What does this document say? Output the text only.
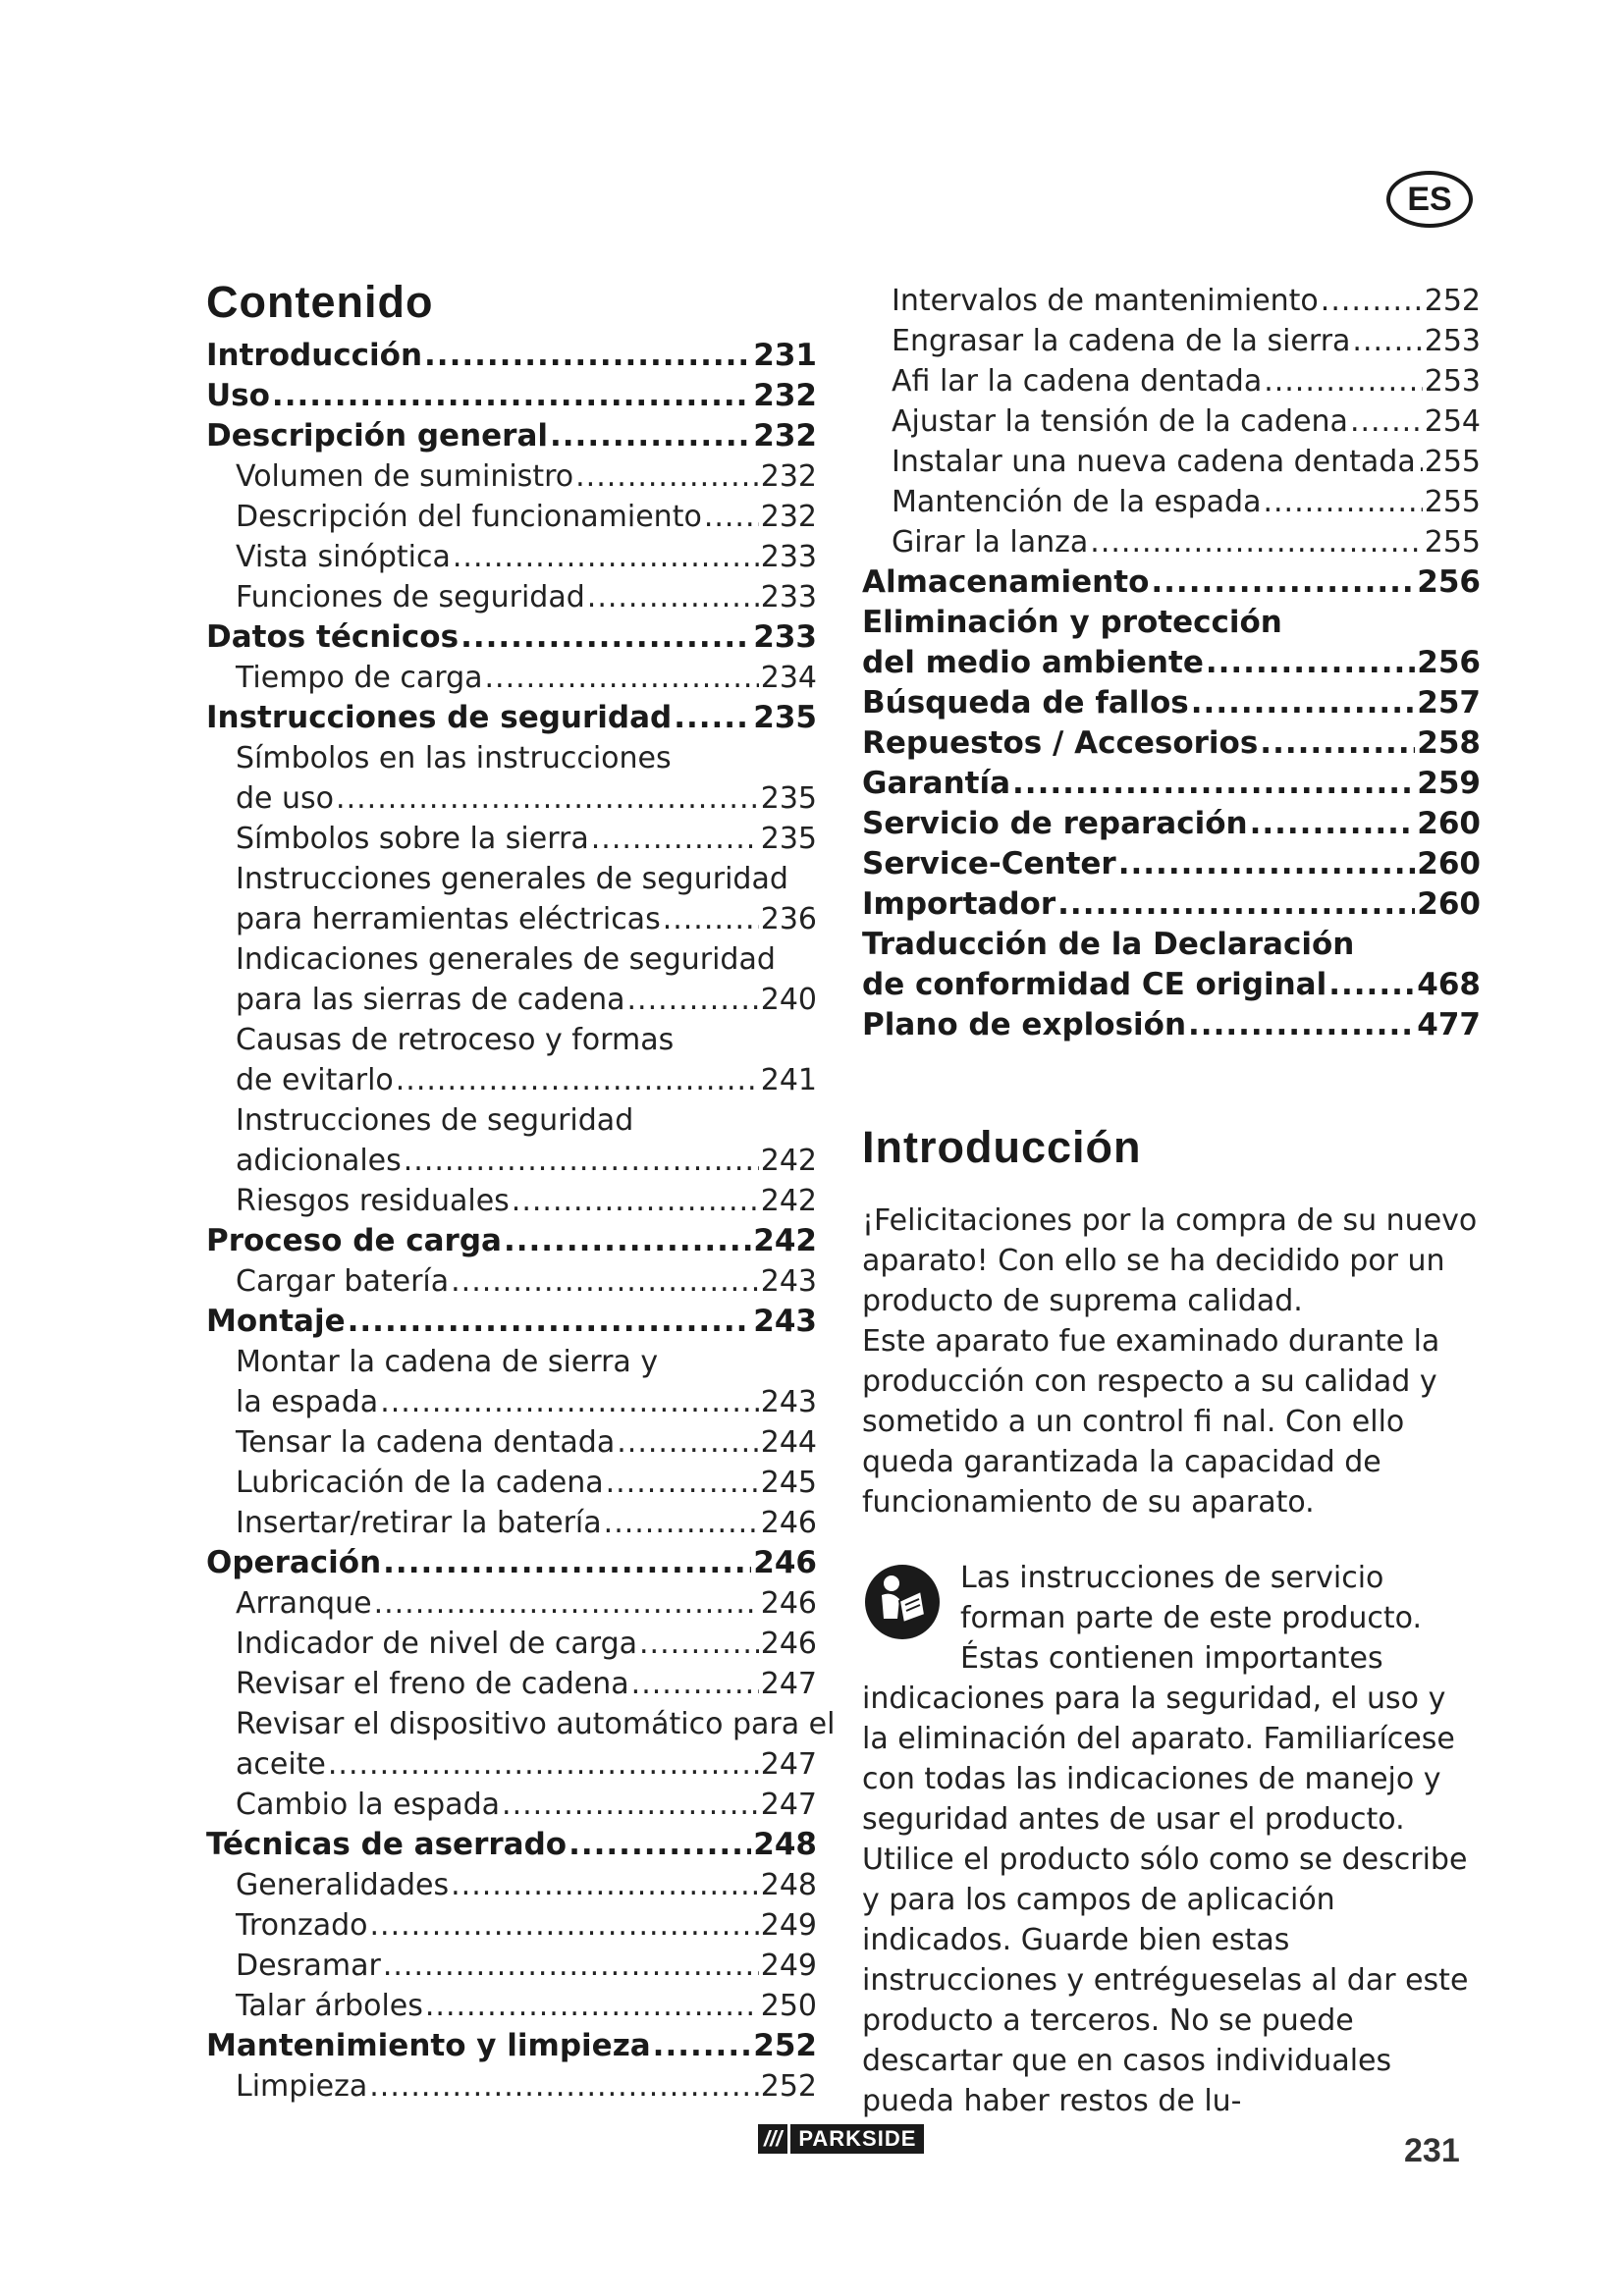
ES
Contenido
Introducción .....	231
Uso .....	232
Descripción general .....	232
Volumen de suministro .....	232
Descripción del funcionamiento ..... 232
Vista sinóptica .....	233
Funciones de seguridad .....	233
Datos técnicos .....	233
Tiempo de carga .....	234
Instrucciones de seguridad .....	235
Símbolos en las instrucciones
de uso .....	235
Símbolos sobre la sierra .....	235
Instrucciones generales de seguridad
para herramientas eléctricas .....	236
Indicaciones generales de seguridad
para las sierras de cadena .....	240
Causas de retroceso y formas
de evitarlo .....	241
Instrucciones de seguridad
adicionales .....	242
Riesgos residuales .....	242
Proceso de carga .....	242
Cargar batería .....	243
Montaje .....	243
Montar la cadena de sierra y
la espada .....	243
Tensar la cadena dentada .....	244
Lubricación de la cadena .....	245
Insertar/retirar la batería .....	246
Operación .....	246
Arranque .....	246
Indicador de nivel de carga .....	246
Revisar el freno de cadena .....	247
Revisar el dispositivo automático para el
aceite .....	247
Cambio la espada .....	247
Técnicas de aserrado .....	248
Generalidades .....	248
Tronzado .....	249
Desramar .....	249
Talar árboles .....	250
Mantenimiento y limpieza .....	252
Limpieza .....	252
Intervalos de mantenimiento .....	252
Engrasar la cadena de la sierra .....	253
Afi lar la cadena dentada .....	253
Ajustar la tensión de la cadena .....	254
Instalar una nueva cadena dentada ..... 255
Mantención de la espada .....	255
Girar la lanza .....	255
Almacenamiento .....	256
Eliminación y protección
del medio ambiente .....	256
Búsqueda de fallos .....	257
Repuestos / Accesorios .....	258
Garantía .....	259
Servicio de reparación .....	260
Service-Center .....	260
Importador .....	260
Traducción de la Declaración
de conformidad CE original .....	468
Plano de explosión .....	477
Introducción

¡Felicitaciones por la compra de su nuevo aparato! Con ello se ha decidido por un producto de suprema calidad.

Este aparato fue examinado durante la producción con respecto a su calidad y sometido a un control fi nal. Con ello queda garantizada la capacidad de funcionamiento de su aparato.

Las instrucciones de servicio forman parte de este producto. Éstas contienen importantes indicaciones para la seguridad, el uso y la eliminación del aparato. Familiarícese con todas las indicaciones de manejo y seguridad antes de usar el producto. Utilice el producto sólo como se describe y para los campos de aplicación indicados. Guarde bien estas instrucciones y entrégueselas al dar este producto a terceros. No se puede descartar que en casos individuales pueda haber restos de lu-

/// PARKSIDE	231
